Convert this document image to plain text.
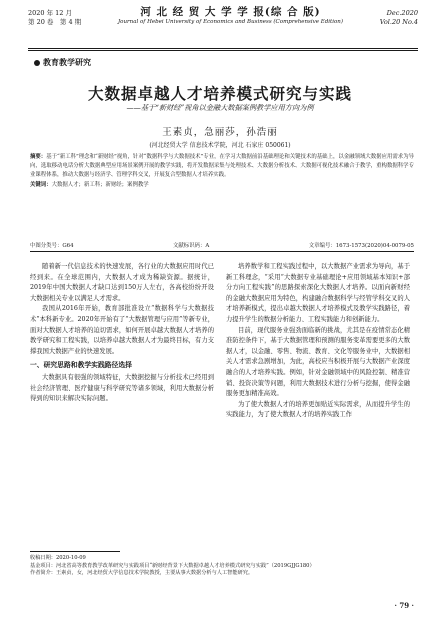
2020 年 12 月
第 20 卷　第 4 期
河 北 经 贸 大 学 学 报(综 合 版)
Journal of Hebei University of Economics and Business (Comprehensive Edition)
Dec.2020
Vol.20 No.4
教育教学研究
大数据卓越人才培养模式研究与实践
——基于“新财经”视角以金融大数据案例教学应用方向为例
王素贞，急丽莎，孙浩丽
(河北经贸大学 信息技术学院，河北 石家庄 050061)
摘要：基于“新工科”理念和“新财经”视角，针对“数据科学与大数据技术”专业，在学习大数据前沿基础理论和关键技术的基础上，以金融领域大数据应用需求为导向，选取移动电话分析大数据典型应用场景案例开展的教学实践，将开发数据采集与处理技术、大数据分析技术、大数据可视化技术融合于教学，重构数据科学专业课程体系，推动大数据与经济学、管理学科交叉，开展复合型数据人才培养实践。
关键词：大数据人才；新工科；新财经；案例教学
中图分类号：G64	文献标识码：A	文章编号：1673-1573(2020)04-0079-05

随着新一代信息技术的快速发展，各行业的大数据应用时代已经到来。在全球范围内，大数据人才成为稀缺资源。据统计，2019年中国大数据人才缺口达到150万人左右，各高校纷纷开设大数据相关专业以满足人才需求。

我国从2016年开始，教育部批准设立“数据科学与大数据技术”本科新专业。2020年开始有了“大数据管理与应用”等新专业，面对大数据人才培养的迫切需求，如何开展卓越大数据人才培养的教学研究和工程实践，以培养卓越大数据人才为最终目标，有力支撑我国大数据产业的快速发展。

一、研究思路和教学实践路径选择

大数据具有很强的领域特征，大数据挖掘与分析技术已经用到社会经济管理、医疗健康与科学研究等诸多领域，利用大数据分析得到的知识来解决实际问题。

培养数学和工程实践过程中，以大数据产业需求为导向，基于新工科理念，“采用“大数据专业基础理论+应用领域基本知识+部分方向工程实践”的思路探索深化大数据人才培养。以面向新财经的金融大数据应用为特色，构建融合数据科学与经管学科交叉的人才培养新模式，提出卓越大数据人才培养模式及教学实践路径，着力提升学生的数据分析能力、工程实践能力和创新能力。

目前，现代服务业强劲面临新的挑战，尤其是在疫情常态化精准防控条件下，基于大数据管理和预测的服务变革需要更多的大数据人才，以金融、零售、物流、教育、文化等服务业中，大数据相关人才需求急剧增加，为此，高校应当积极开展与大数据产业深度融合的人才培养实践。例如，针对金融领域中的风险控制、精准营销、投资决策等问题，利用大数据技术进行分析与挖掘，使得金融服务更加精准高效。

为了使大数据人才的培养更加贴近实际需求，从而提升学生的实践能力，为了使大数据人才的培养实践工作

收稿日期：2020-10-09
基金项目：河北省高等教育教学改革研究与实践项目“新财经背景下大数据卓越人才培养模式研究与实践”（2019GJJG180）
作者简介：王素贞，女，河北经贸大学信息技术学院教授，主要从事大数据分析与人工智能研究。
· 79 ·
